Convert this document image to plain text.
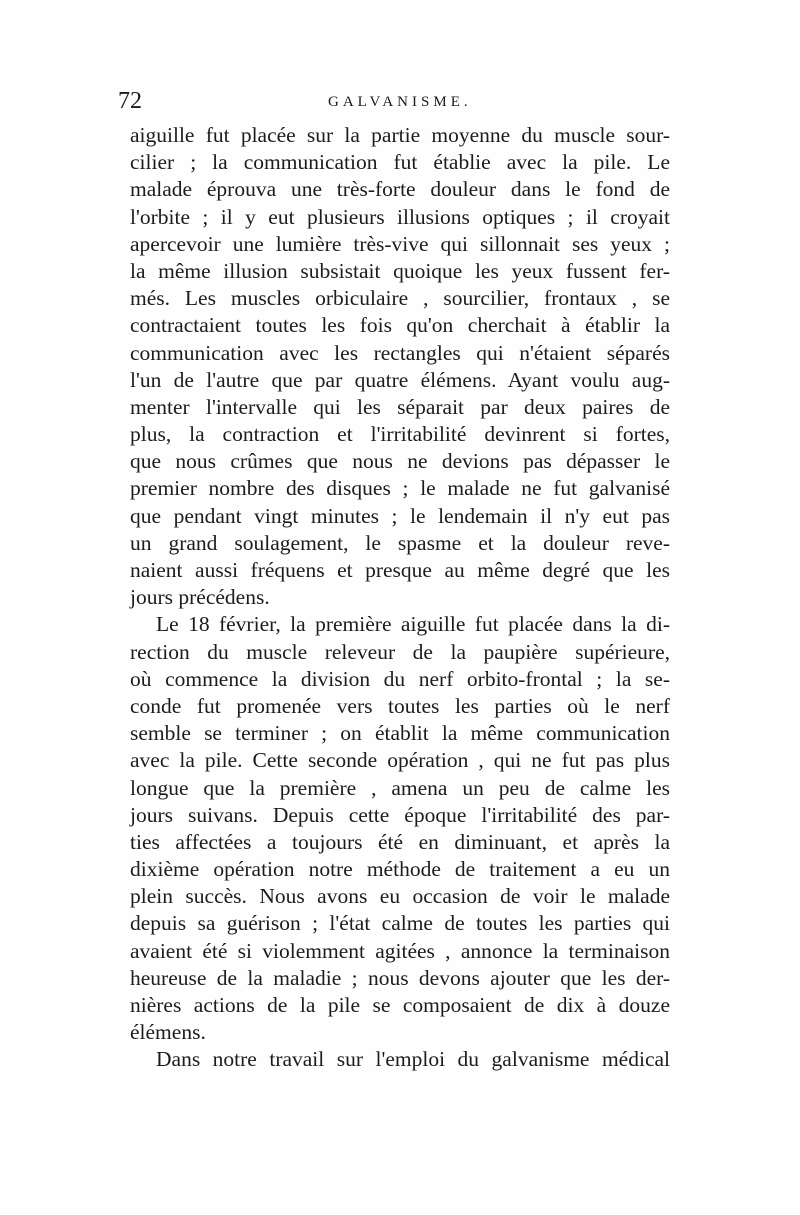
72	GALVANISME.
aiguille fut placée sur la partie moyenne du muscle sour-
cilier ; la communication fut établie avec la pile. Le
malade éprouva une très-forte douleur dans le fond de
l'orbite ; il y eut plusieurs illusions optiques ; il croyait
apercevoir une lumière très-vive qui sillonnait ses yeux ;
la même illusion subsistait quoique les yeux fussent fer-
més. Les muscles orbiculaire , sourcilier, frontaux , se
contractaient toutes les fois qu'on cherchait à établir la
communication avec les rectangles qui n'étaient séparés
l'un de l'autre que par quatre élémens. Ayant voulu aug-
menter l'intervalle qui les séparait par deux paires de
plus, la contraction et l'irritabilité devinrent si fortes,
que nous crûmes que nous ne devions pas dépasser le
premier nombre des disques ; le malade ne fut galvanisé
que pendant vingt minutes ; le lendemain il n'y eut pas
un grand soulagement, le spasme et la douleur reve-
naient aussi fréquens et presque au même degré que les
jours précédens.
Le 18 février, la première aiguille fut placée dans la di-
rection du muscle releveur de la paupière supérieure,
où commence la division du nerf orbito-frontal ; la se-
conde fut promenée vers toutes les parties où le nerf
semble se terminer ; on établit la même communication
avec la pile. Cette seconde opération , qui ne fut pas plus
longue que la première , amena un peu de calme les
jours suivans. Depuis cette époque l'irritabilité des par-
ties affectées a toujours été en diminuant, et après la
dixième opération notre méthode de traitement a eu un
plein succès. Nous avons eu occasion de voir le malade
depuis sa guérison ; l'état calme de toutes les parties qui
avaient été si violemment agitées , annonce la terminaison
heureuse de la maladie ; nous devons ajouter que les der-
nières actions de la pile se composaient de dix à douze
élémens.
Dans notre travail sur l'emploi du galvanisme médical
